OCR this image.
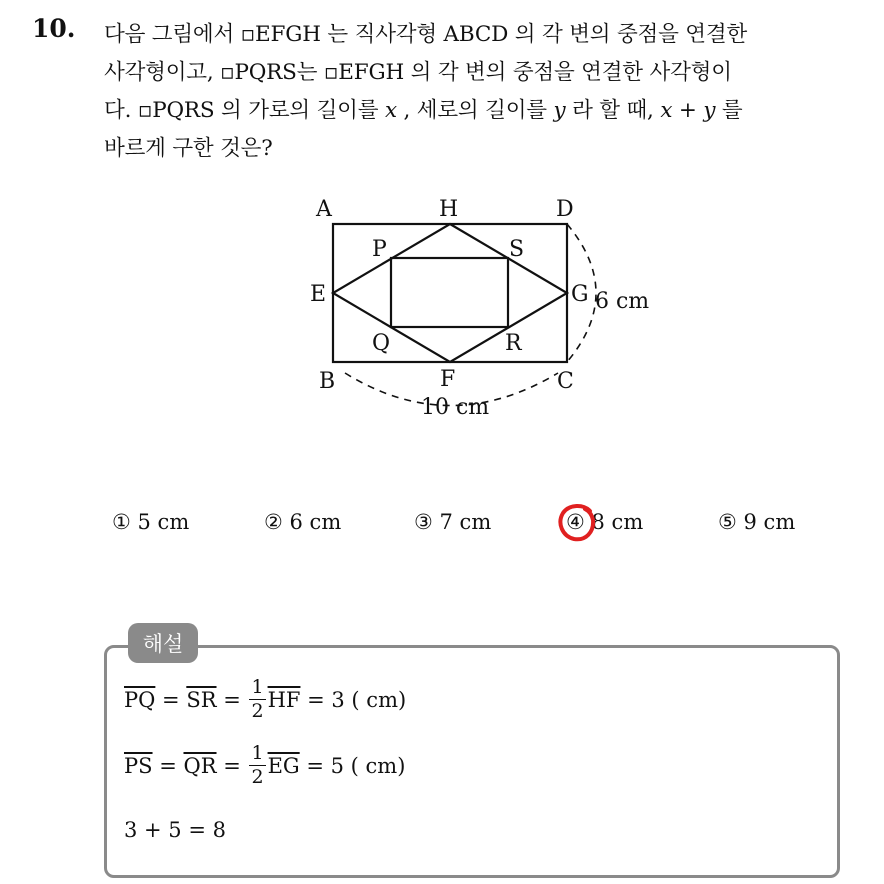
10. 다음 그림에서 ▫EFGH 는 직사각형 ABCD 의 각 변의 중점을 연결한
사각형이고, ▫PQRS는 ▫EFGH 의 각 변의 중점을 연결한 사각형이
다. ▫PQRS 의 가로의 길이를 x , 세로의 길이를 y 라 할 때, x + y 를
바르게 구한 것은?
A	H	D
P	S
E	G 6 cm
Q	R
B	F	C
10 cm
① 5 cm	② 6 cm	③ 7 cm	④ 8 cm	⑤ 9 cm
해설
$\overline{PQ} = \overline{SR} = \frac{1}{2} \overline{HF} = 3$ ( cm)
$\overline{PS} = \overline{QR} = \frac{1}{2} \overline{EG} = 5$ ( cm)
3 + 5 = 8
